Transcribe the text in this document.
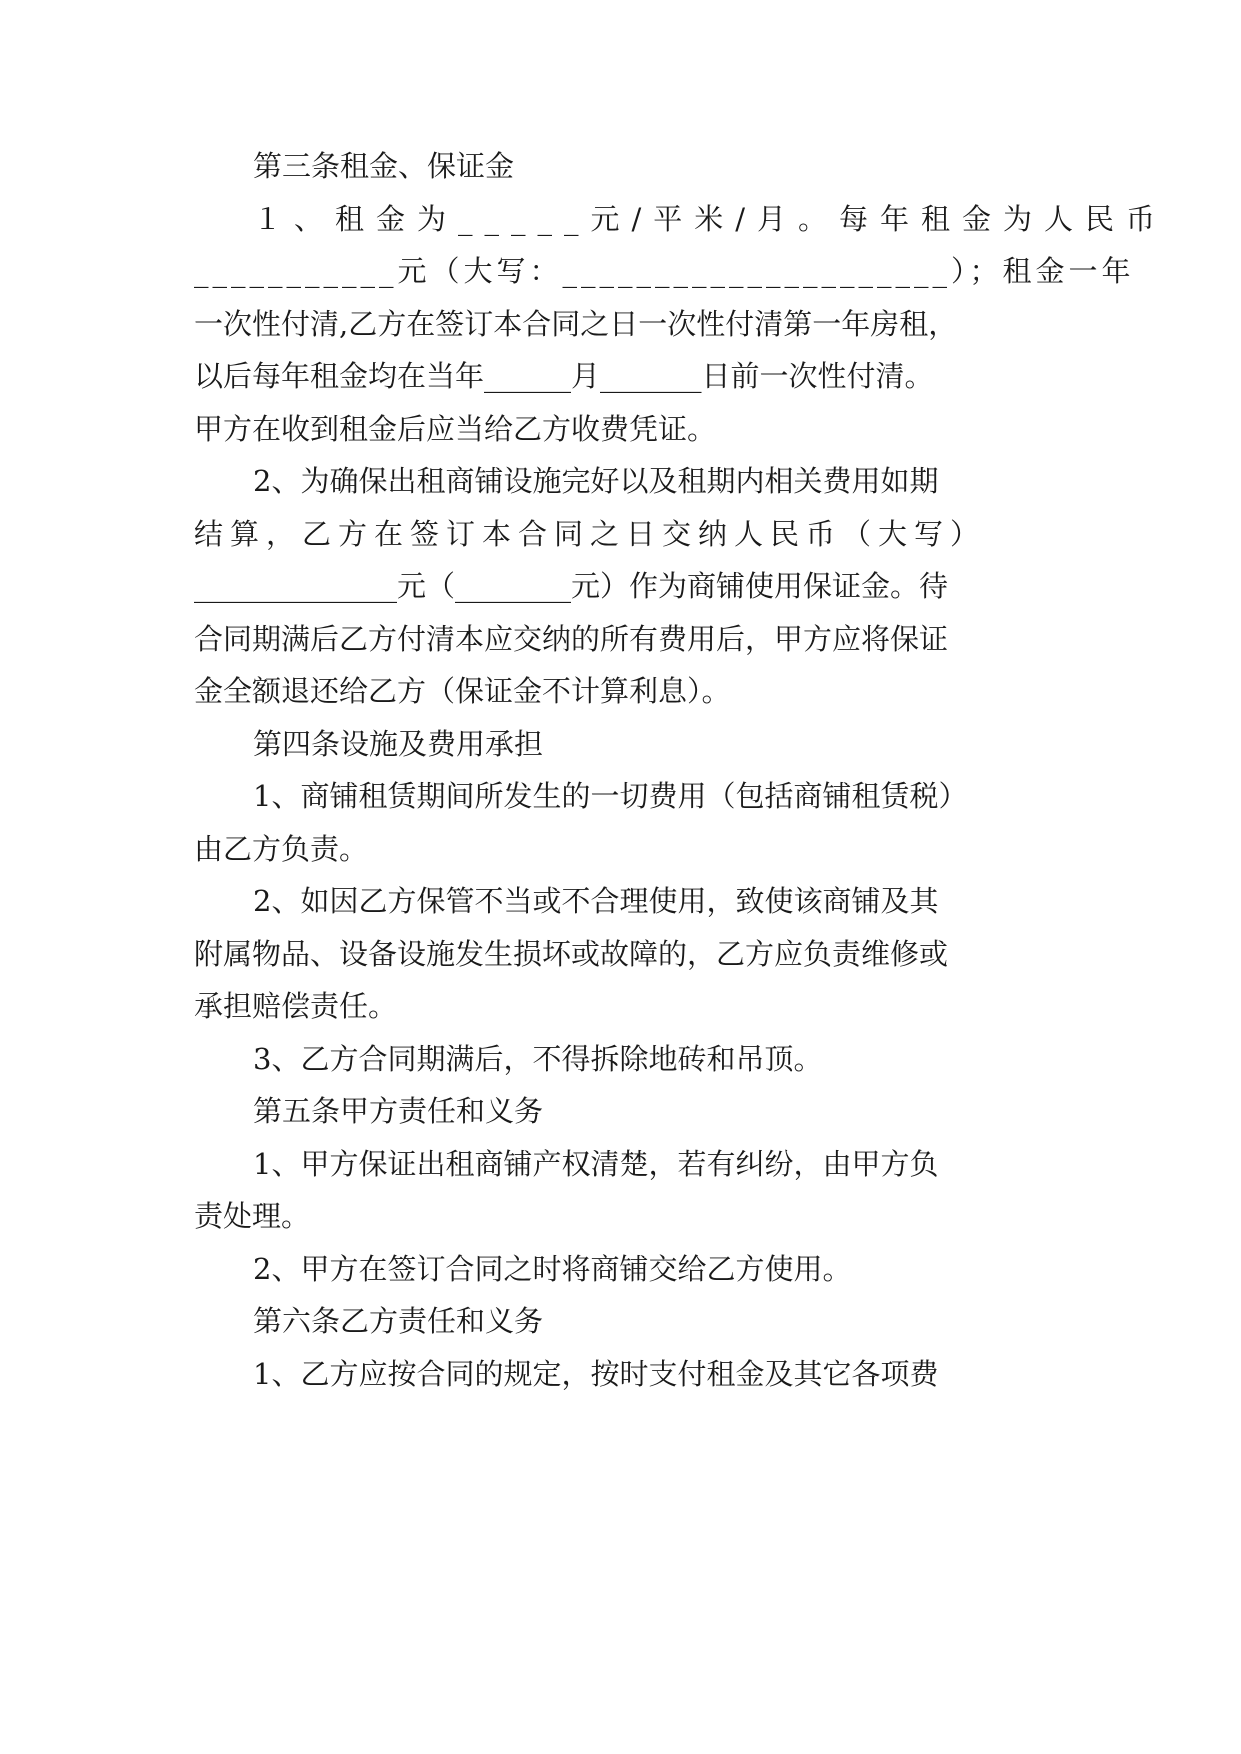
第三条租金、保证金
１、租金为_____元/平米/月。每年租金为人民币
___________元（大写：_____________________）；租金一年
一次性付清,乙方在签订本合同之日一次性付清第一年房租，
以后每年租金均在当年______月_______日前一次性付清。
甲方在收到租金后应当给乙方收费凭证。
2、为确保出租商铺设施完好以及租期内相关费用如期
结算，乙方在签订本合同之日交纳人民币（大写）
______________元（________元）作为商铺使用保证金。待
合同期满后乙方付清本应交纳的所有费用后，甲方应将保证
金全额退还给乙方（保证金不计算利息）。
第四条设施及费用承担
1、商铺租赁期间所发生的一切费用（包括商铺租赁税）
由乙方负责。
2、如因乙方保管不当或不合理使用，致使该商铺及其
附属物品、设备设施发生损坏或故障的，乙方应负责维修或
承担赔偿责任。
3、乙方合同期满后，不得拆除地砖和吊顶。
第五条甲方责任和义务
1、甲方保证出租商铺产权清楚，若有纠纷，由甲方负
责处理。
2、甲方在签订合同之时将商铺交给乙方使用。
第六条乙方责任和义务
1、乙方应按合同的规定，按时支付租金及其它各项费
